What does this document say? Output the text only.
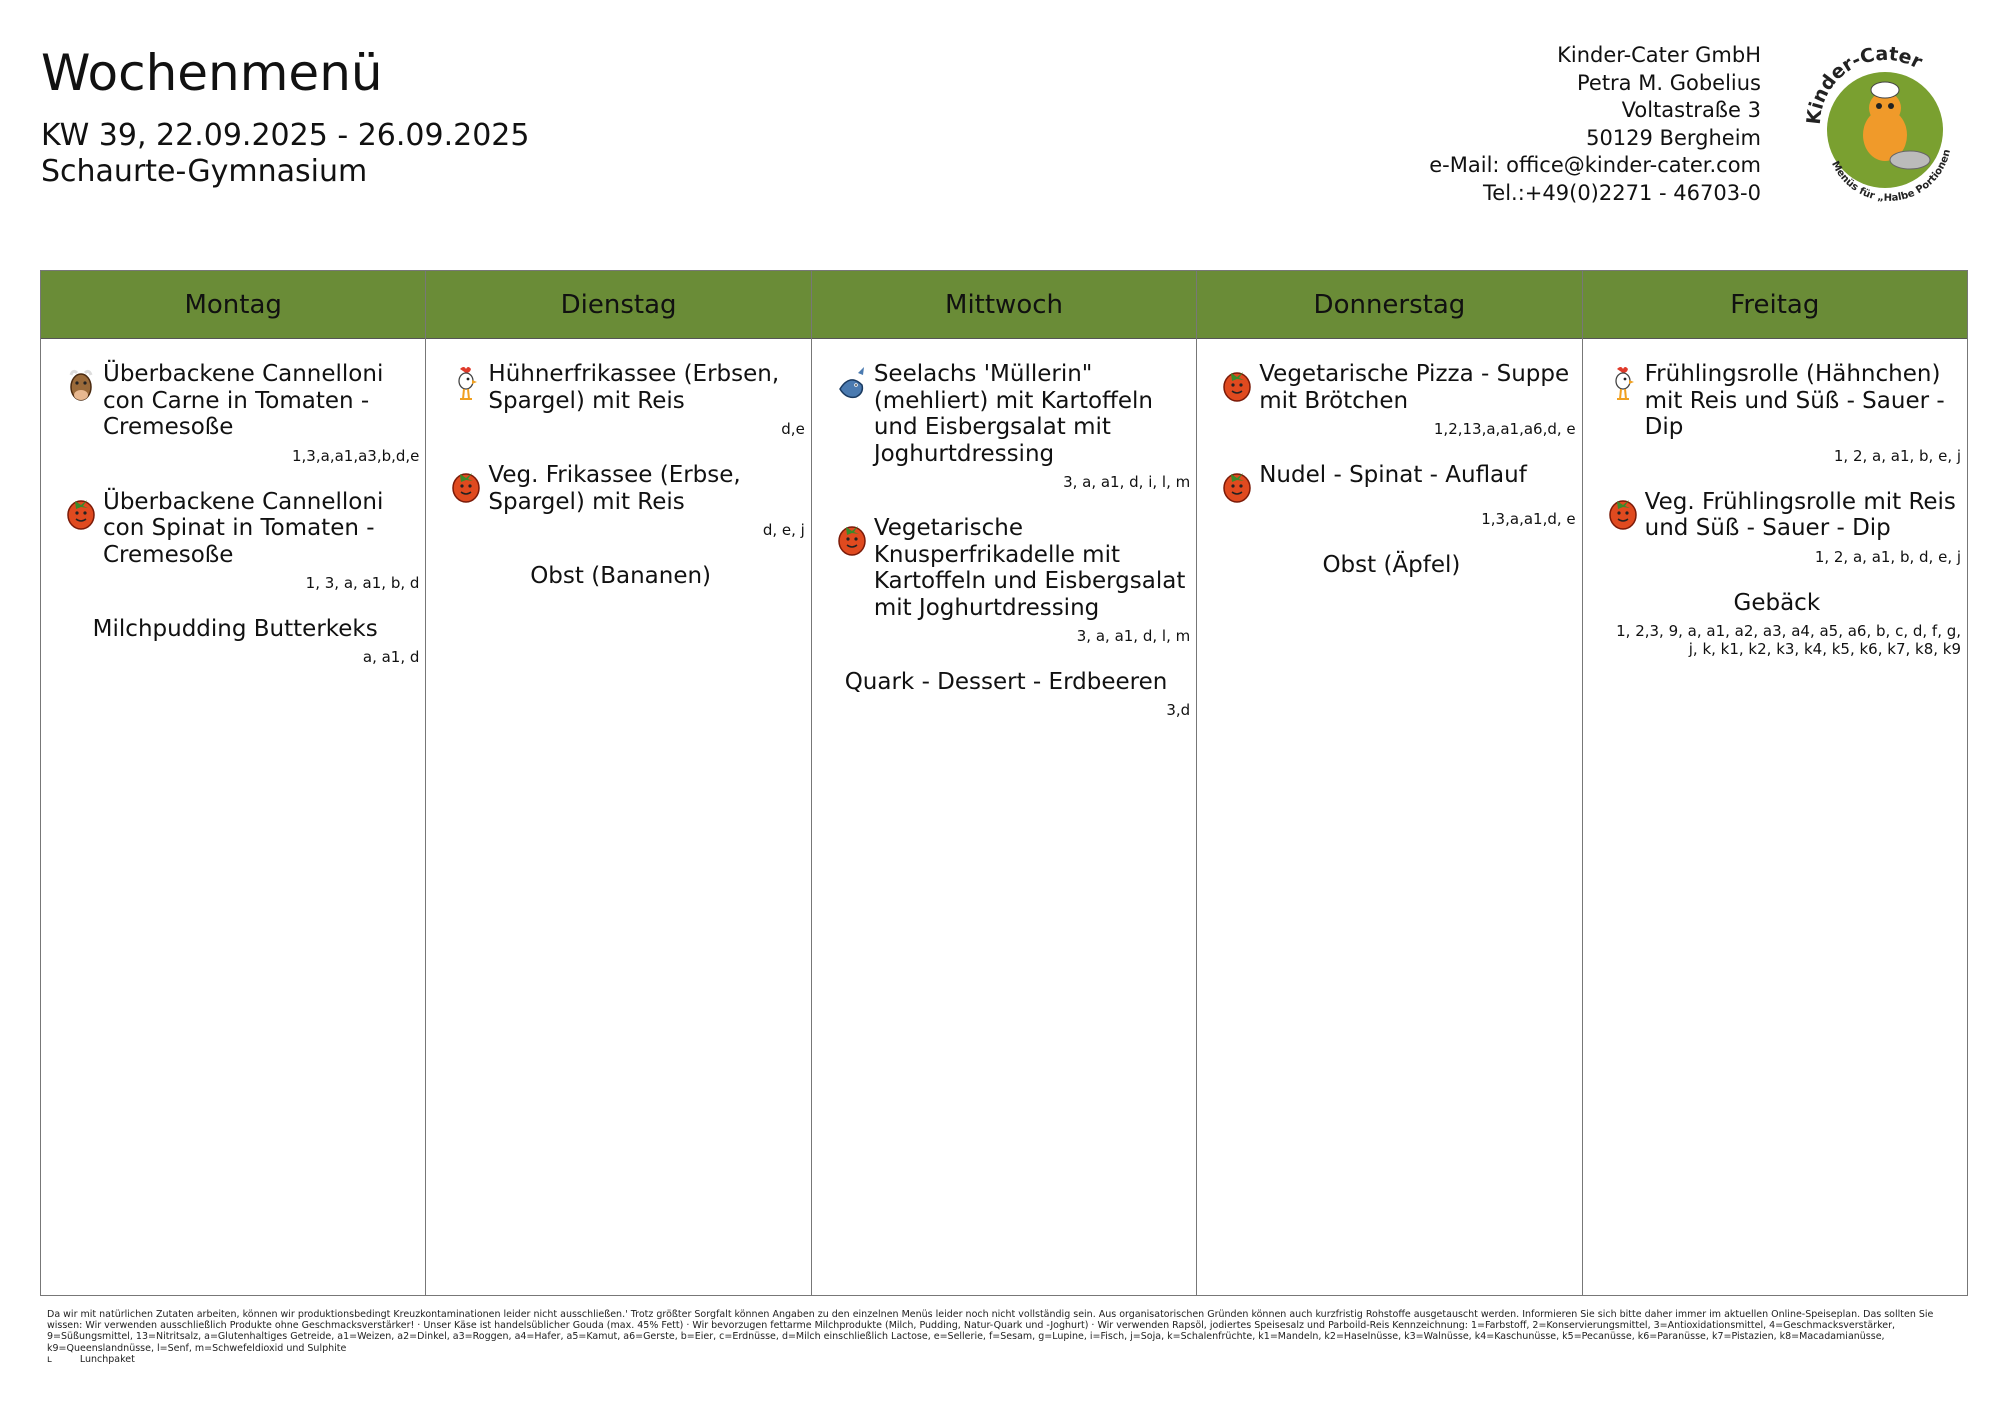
Wochenmenü
KW 39, 22.09.2025 - 26.09.2025
Schaurte-Gymnasium
Kinder-Cater GmbH
Petra M. Gobelius
Voltastraße 3
50129 Bergheim
e-Mail: office@kinder-cater.com
Tel.:+49(0)2271 - 46703-0
Kinder-Cater
Menüs für „Halbe Portionen
Montag
Überbackene Cannelloni con Carne in Tomaten - Cremesoße
1,3,a,a1,a3,b,d,e
Überbackene Cannelloni con Spinat in Tomaten - Cremesoße
1, 3, a, a1, b, d
Milchpudding Butterkeks
a, a1, d
Dienstag
Hühnerfrikassee (Erbsen, Spargel) mit Reis
d,e
Veg. Frikassee (Erbse, Spargel) mit Reis
d, e, j
Obst (Bananen)
Mittwoch
Seelachs 'Müllerin" (mehliert) mit Kartoffeln und Eisbergsalat mit Joghurtdressing
3, a, a1, d, i, l, m
Vegetarische Knusperfrikadelle mit Kartoffeln und Eisbergsalat mit Joghurtdressing
3, a, a1, d, l, m
Quark - Dessert - Erdbeeren
3,d
Donnerstag
Vegetarische Pizza - Suppe mit Brötchen
1,2,13,a,a1,a6,d, e
Nudel - Spinat - Auflauf
1,3,a,a1,d, e
Obst (Äpfel)
Freitag
Frühlingsrolle (Hähnchen) mit Reis und Süß - Sauer - Dip
1, 2, a, a1, b, e, j
Veg. Frühlingsrolle mit Reis und Süß - Sauer - Dip
1, 2, a, a1, b, d, e, j
Gebäck
1, 2,3, 9, a, a1, a2, a3, a4, a5, a6, b, c, d, f, g, j, k, k1, k2, k3, k4, k5, k6, k7, k8, k9
Da wir mit natürlichen Zutaten arbeiten, können wir produktionsbedingt Kreuzkontaminationen leider nicht ausschließen.' Trotz größter Sorgfalt können Angaben zu den einzelnen Menüs leider noch nicht vollständig sein. Aus organisatorischen Gründen können auch kurzfristig Rohstoffe ausgetauscht werden. Informieren Sie sich bitte daher immer im aktuellen Online-Speiseplan. Das sollten Sie wissen: Wir verwenden ausschließlich Produkte ohne Geschmacksverstärker! · Unser Käse ist handelsüblicher Gouda (max. 45% Fett) · Wir bevorzugen fettarme Milchprodukte (Milch, Pudding, Natur-Quark und -Joghurt) · Wir verwenden Rapsöl, jodiertes Speisesalz und Parboild-Reis Kennzeichnung: 1=Farbstoff, 2=Konservierungsmittel, 3=Antioxidationsmittel, 4=Geschmacksverstärker, 9=Süßungsmittel, 13=Nitritsalz, a=Glutenhaltiges Getreide, a1=Weizen, a2=Dinkel, a3=Roggen, a4=Hafer, a5=Kamut, a6=Gerste, b=Eier, c=Erdnüsse, d=Milch einschließlich Lactose, e=Sellerie, f=Sesam, g=Lupine, i=Fisch, j=Soja, k=Schalenfrüchte, k1=Mandeln, k2=Haselnüsse, k3=Walnüsse, k4=Kaschunüsse, k5=Pecanüsse, k6=Paranüsse, k7=Pistazien, k8=Macadamianüsse, k9=Queenslandnüsse, l=Senf, m=Schwefeldioxid und Sulphite
ʟ	Lunchpaket
